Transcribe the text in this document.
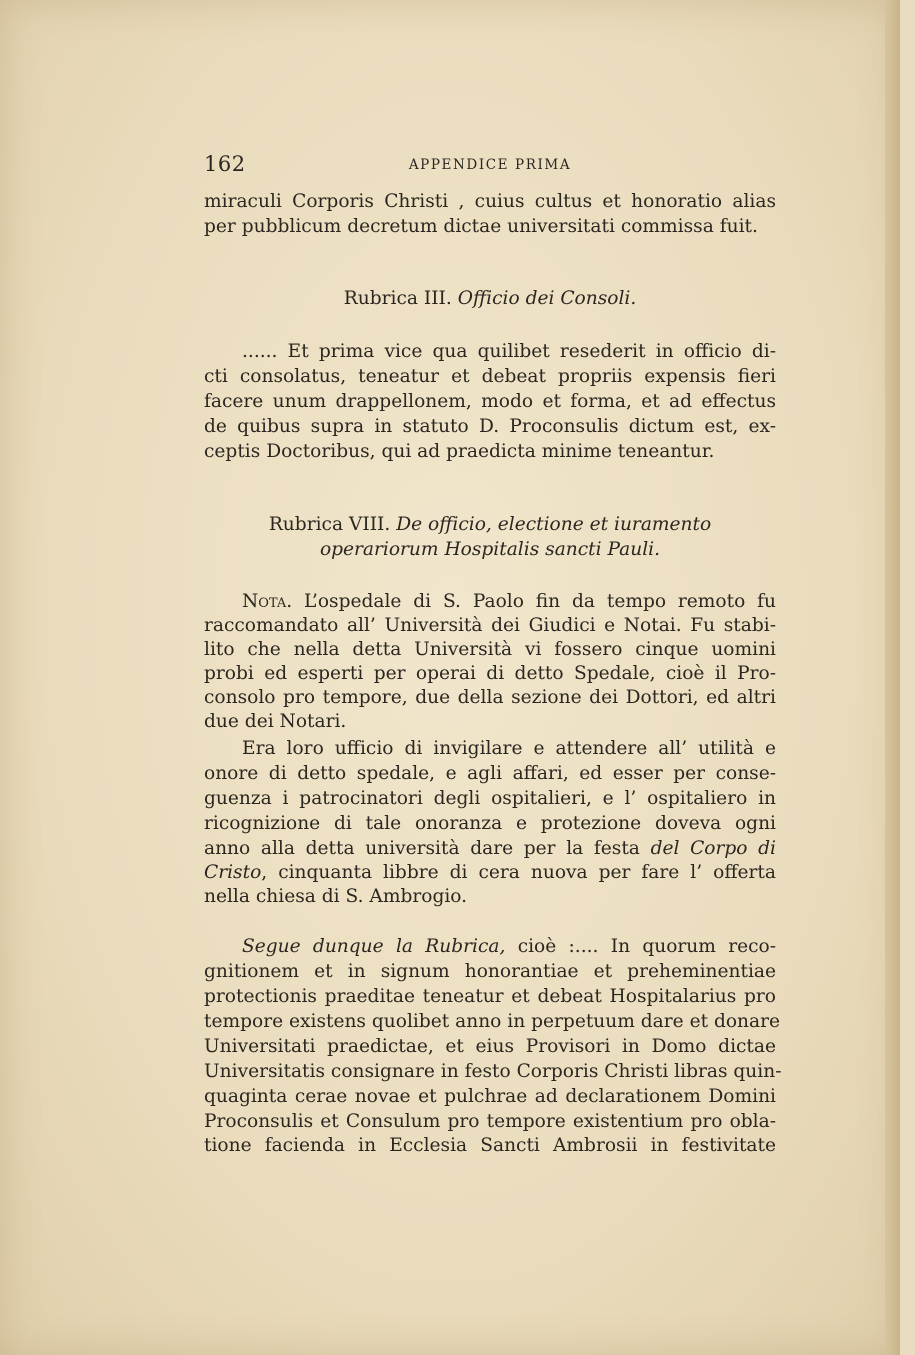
162	APPENDICE PRIMA
miraculi Corporis Christi , cuius cultus et honoratio alias
per pubblicum decretum dictae universitati commissa fuit.
Rubrica III. Officio dei Consoli.
...... Et prima vice qua quilibet resederit in officio di-
cti consolatus, teneatur et debeat propriis expensis fieri
facere unum drappellonem, modo et forma, et ad effectus
de quibus supra in statuto D. Proconsulis dictum est, ex-
ceptis Doctoribus, qui ad praedicta minime teneantur.
Rubrica VIII. De officio, electione et iuramento
operariorum Hospitalis sancti Pauli.
Nota. L’ospedale di S. Paolo fin da tempo remoto fu
raccomandato all’ Università dei Giudici e Notai. Fu stabi-
lito che nella detta Università vi fossero cinque uomini
probi ed esperti per operai di detto Spedale, cioè il Pro-
consolo pro tempore, due della sezione dei Dottori, ed altri
due dei Notari.
Era loro ufficio di invigilare e attendere all’ utilità e
onore di detto spedale, e agli affari, ed esser per conse-
guenza i patrocinatori degli ospitalieri, e l’ ospitaliero in
ricognizione di tale onoranza e protezione doveva ogni
anno alla detta università dare per la festa del Corpo di
Cristo, cinquanta libbre di cera nuova per fare l’ offerta
nella chiesa di S. Ambrogio.
Segue dunque la Rubrica, cioè :.... In quorum reco-
gnitionem et in signum honorantiae et preheminentiae
protectionis praeditae teneatur et debeat Hospitalarius pro
tempore existens quolibet anno in perpetuum dare et donare
Universitati praedictae, et eius Provisori in Domo dictae
Universitatis consignare in festo Corporis Christi libras quin-
quaginta cerae novae et pulchrae ad declarationem Domini
Proconsulis et Consulum pro tempore existentium pro obla-
tione facienda in Ecclesia Sancti Ambrosii in festivitate
